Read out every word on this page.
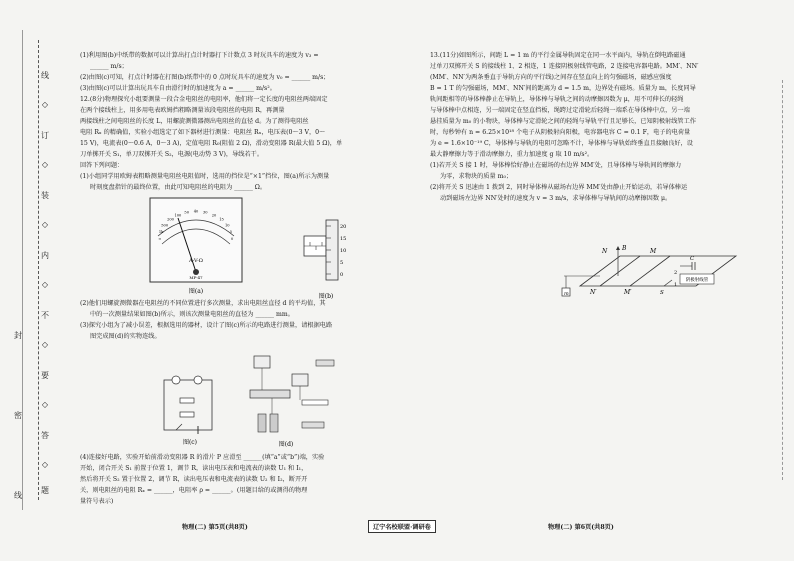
线
◇
订
◇
装
◇
内
◇
不
◇
要
◇
答
◇
题
封
密
线

(1)利用图(b)中纸带的数据可以计算出打点计时器打下计数点 3 时玩具车的速度为 v₃ =

______ m/s；

(2)由图(c)可知，打点计时器在打图(b)纸带中的 0 点时玩具车的速度为 v₀ = ______ m/s；

(3)由图(c)可以计算出玩具车自由滑行时的加速度为 a = ______ m/s²。

12.(8分)物理探究小组要测量一段合金电阻丝的电阻率，他们将一定长度的电阻丝两端固定

在两个接线柱上，用多用电表欧姆挡粗略测量该段电阻丝的电阻 R，再测量

两接线柱之间电阻丝的长度 L，用螺旋测微器测出电阻丝的直径 d。为了测得电阻丝

电阻 Rₓ 的精确值，实验小组选定了如下器材进行测量：电阻丝 Rₓ，电压表(0～3 V，0～

15 V)，电流表(0～0.6 A，0～3 A)，定值电阻 R₀(阻值 2 Ω)，滑动变阻器 R(最大值 5 Ω)，单

刀单掷开关 S₁，单刀双掷开关 S₂，电源(电动势 3 V)，导线若干。

回答下列问题：

(1)小组同学用欧姆表粗略测量电阻丝电阻值时，选用的挡位是“×1”挡位，图(a)所示为测量

时刻度盘指针的最终位置，由此可知电阻丝的电阻为 ______ Ω。

∞
1k
500
200
100
50 40 30
20
15
10
5
0
A-V-Ω
MF-47
图(a)
20
15
10
5
0
图(b)

(2)他们用螺旋测微器在电阻丝的不同位置进行多次测量，求出电阻丝直径 d 的平均值，其

中的一次测量结果如图(b)所示，则该次测量电阻丝的直径为 ______ mm。

(3)探究小组为了减小误差，根据选用的器材，设计了图(c)所示的电路进行测量，请根据电路

图完成图(d)的实物连线。

图(c)	图(d)

(4)连接好电路，实验开始前滑动变阻器 R 的滑片 P 应滑至 ______(填“a”或“b”)端，实验

开始，闭合开关 S₁ 前置于位置 1，调节 R，读出电压表和电流表的读数 U₁ 和 I₁，

然后将开关 S₂ 置于位置 2，调节 R，读出电压表和电流表的读数 U₂ 和 I₂，断开开

关，则电阻丝的电阻 Rₓ = ______，电阻率 ρ = ______。(用题目给的或测得的物理

量符号表示)

13.(11分)如图所示，间距 L = 1 m 的平行金属导轨固定在同一水平面内，导轨在倒电路磁通

过单刀双掷开关 S 的接线柱 1、2 相连，1 连接阴极射线管电路，2 连接电容器电路。MM′、NN′

(MM′、NN′为两条垂直于导轨方向的平行线)之间存在竖直向上的匀强磁场，磁感应强度

B = 1 T 的匀强磁场，MM′、NN′间的距离为 d = 1.5 m，边界处有磁场。质量为 m，长度同导

轨间距相等的导体棒静止在导轨上，导体棒与导轨之间的动摩擦因数为 μ，用不可伸长的轻绳

与导体棒中点相连，另一端固定在竖直挡板，绳跨过定滑轮后轻绳一端系在导体棒中点，另一端

悬挂质量为 m₀ 的小物块，导体棒与定滑轮之间的轻绳与导轨平行且足够长，已知阴极射线管工作

时，每秒钟有 n = 6.25×10¹⁸ 个电子从阴极射向阳极，电容器电容 C = 0.1 F，电子的电荷量

为 e = 1.6×10⁻¹⁹ C，导体棒与导轨的电阻可忽略不计，导体棒与导轨始终垂直且接触良好，设

最大静摩擦力等于滑动摩擦力，重力加速度 g 取 10 m/s²。

(1)若开关 S 接 1 时，导体棒恰好静止在磁场的右边界 MM′处，且导体棒与导轨间的摩擦力

为零，求物块的质量 m₀；

(2)将开关 S 迅速由 1 拨到 2，同时导体棒从磁场右边界 MM′处由静止开始运动，若导体棒运

动到磁场左边界 NN′处时的速度为 v = 3 m/s，求导体棒与导轨间的动摩擦因数 μ。

B
N	M
N′	M′
m
阴极射线管
C
S
1
2
物理(二) 第5页(共8页)	辽宁名校联盟·调研卷	物理(二) 第6页(共8页)
